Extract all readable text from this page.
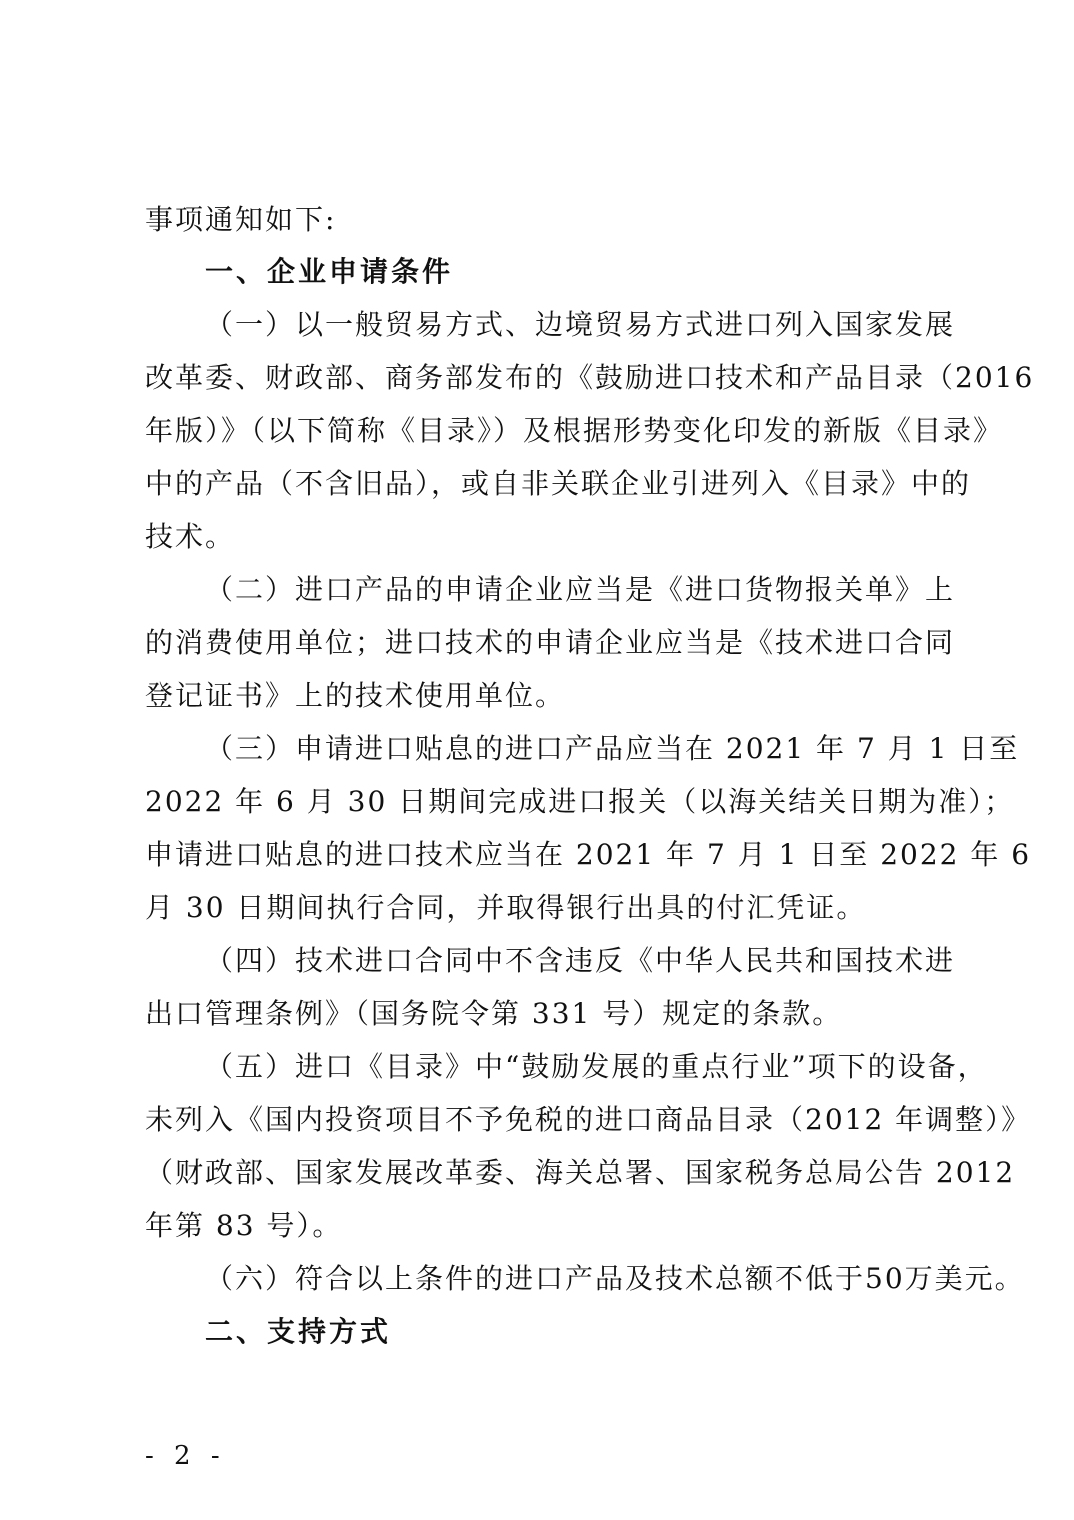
事项通知如下:
一、企业申请条件
（一）以一般贸易方式、边境贸易方式进口列入国家发展
改革委、财政部、商务部发布的《鼓励进口技术和产品目录（2016
年版）》（以下简称《目录》）及根据形势变化印发的新版《目录》
中的产品（不含旧品），或自非关联企业引进列入《目录》中的
技术。
（二）进口产品的申请企业应当是《进口货物报关单》上
的消费使用单位；进口技术的申请企业应当是《技术进口合同
登记证书》上的技术使用单位。
（三）申请进口贴息的进口产品应当在 2021 年 7 月 1 日至
2022 年 6 月 30 日期间完成进口报关（以海关结关日期为准）；
申请进口贴息的进口技术应当在 2021 年 7 月 1 日至 2022 年 6
月 30 日期间执行合同，并取得银行出具的付汇凭证。
（四）技术进口合同中不含违反《中华人民共和国技术进
出口管理条例》（国务院令第 331 号）规定的条款。
（五）进口《目录》中“鼓励发展的重点行业”项下的设备，
未列入《国内投资项目不予免税的进口商品目录（2012 年调整）》
（财政部、国家发展改革委、海关总署、国家税务总局公告 2012
年第 83 号）。
（六）符合以上条件的进口产品及技术总额不低于50万美元。
二、支持方式
- 2 -
